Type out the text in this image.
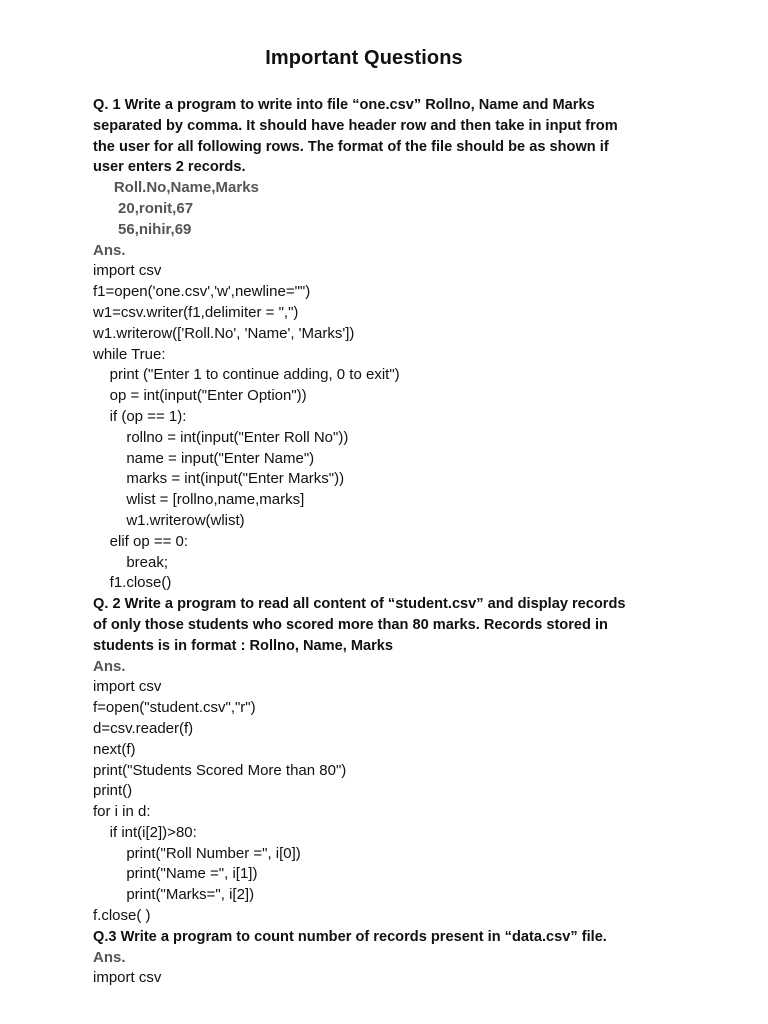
Important Questions
Q. 1 Write a program to write into file “one.csv” Rollno, Name and Marks
separated by comma. It should have header row and then take in input from
the user for all following rows. The format of the file should be as shown if
user enters 2 records.
Roll.No,Name,Marks
20,ronit,67
56,nihir,69
Ans.
import csv
f1=open('one.csv','w',newline="")
w1=csv.writer(f1,delimiter = ",")
w1.writerow(['Roll.No', 'Name', 'Marks'])
while True:
print ("Enter 1 to continue adding, 0 to exit")
op = int(input("Enter Option"))
if (op == 1):
rollno = int(input("Enter Roll No"))
name = input("Enter Name")
marks = int(input("Enter Marks"))
wlist = [rollno,name,marks]
w1.writerow(wlist)
elif op == 0:
break;
f1.close()
Q. 2 Write a program to read all content of “student.csv” and display records
of only those students who scored more than 80 marks. Records stored in
students is in format : Rollno, Name, Marks
Ans.
import csv
f=open("student.csv","r")
d=csv.reader(f)
next(f)
print("Students Scored More than 80")
print()
for i in d:
if int(i[2])>80:
print("Roll Number =", i[0])
print("Name =", i[1])
print("Marks=", i[2])
f.close( )
Q.3 Write a program to count number of records present in “data.csv” file.
Ans.
import csv
